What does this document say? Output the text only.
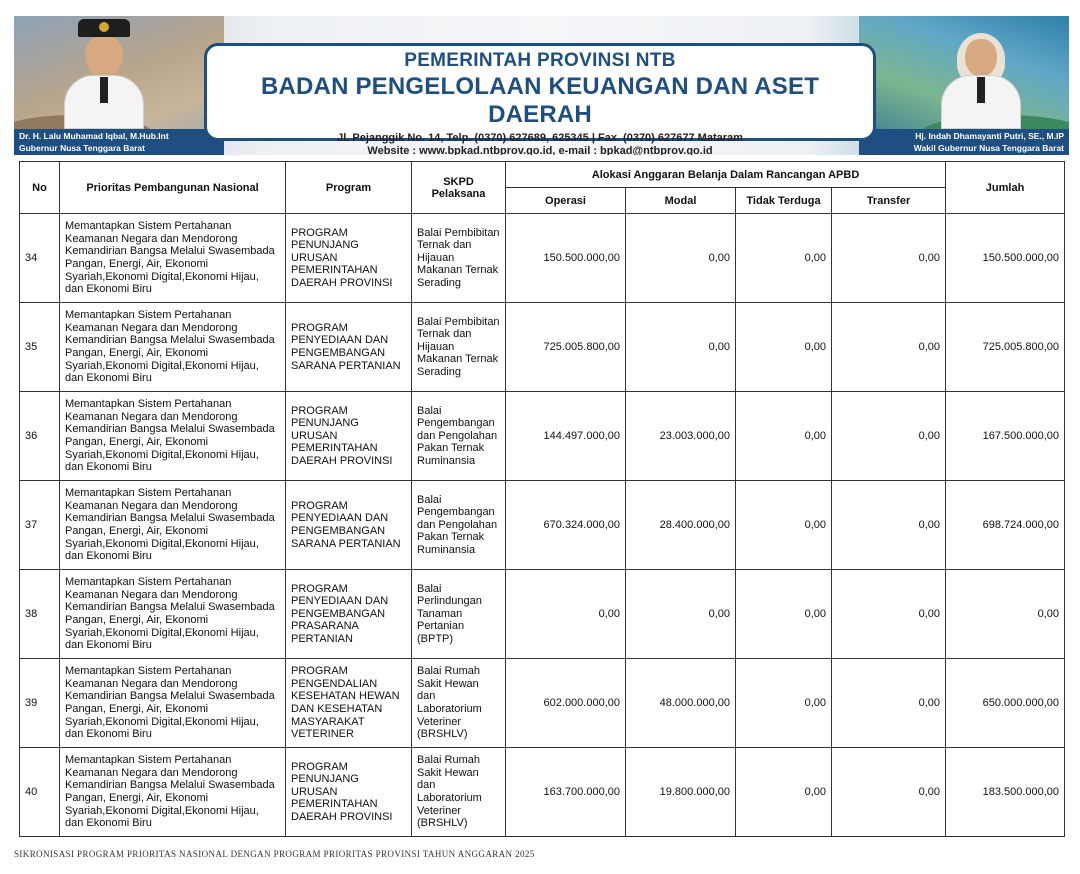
Dr. H. Lalu Muhamad Iqbal, M.Hub.Int
Gubernur Nusa Tenggara Barat
Hj. Indah Dhamayanti Putri, SE., M.IP
Wakil Gubernur Nusa Tenggara Barat
PEMERINTAH PROVINSI NTB
BADAN PENGELOLAAN KEUANGAN DAN ASET DAERAH
Jl. Pejanggik No. 14, Telp. (0370) 627689, 625345 | Fax. (0370) 627677 Mataram
Website : www.bpkad.ntbprov.go.id, e-mail : bpkad@ntbprov.go.id
No	Prioritas Pembangunan Nasional	Program	SKPD Pelaksana	Alokasi Anggaran Belanja Dalam Rancangan APBD				Jumlah
				Operasi	Modal	Tidak Terduga	Transfer	
34	Memantapkan Sistem Pertahanan Keamanan Negara dan Mendorong Kemandirian Bangsa Melalui Swasembada Pangan, Energi, Air, Ekonomi Syariah,Ekonomi Digital,Ekonomi Hijau, dan Ekonomi Biru	PROGRAM PENUNJANG URUSAN PEMERINTAHAN DAERAH PROVINSI	Balai Pembibitan Ternak dan Hijauan Makanan Ternak Serading	150.500.000,00	0,00	0,00	0,00	150.500.000,00
35	Memantapkan Sistem Pertahanan Keamanan Negara dan Mendorong Kemandirian Bangsa Melalui Swasembada Pangan, Energi, Air, Ekonomi Syariah,Ekonomi Digital,Ekonomi Hijau, dan Ekonomi Biru	PROGRAM PENYEDIAAN DAN PENGEMBANGAN SARANA PERTANIAN	Balai Pembibitan Ternak dan Hijauan Makanan Ternak Serading	725.005.800,00	0,00	0,00	0,00	725.005.800,00
36	Memantapkan Sistem Pertahanan Keamanan Negara dan Mendorong Kemandirian Bangsa Melalui Swasembada Pangan, Energi, Air, Ekonomi Syariah,Ekonomi Digital,Ekonomi Hijau, dan Ekonomi Biru	PROGRAM PENUNJANG URUSAN PEMERINTAHAN DAERAH PROVINSI	Balai Pengembangan dan Pengolahan Pakan Ternak Ruminansia	144.497.000,00	23.003.000,00	0,00	0,00	167.500.000,00
37	Memantapkan Sistem Pertahanan Keamanan Negara dan Mendorong Kemandirian Bangsa Melalui Swasembada Pangan, Energi, Air, Ekonomi Syariah,Ekonomi Digital,Ekonomi Hijau, dan Ekonomi Biru	PROGRAM PENYEDIAAN DAN PENGEMBANGAN SARANA PERTANIAN	Balai Pengembangan dan Pengolahan Pakan Ternak Ruminansia	670.324.000,00	28.400.000,00	0,00	0,00	698.724.000,00
38	Memantapkan Sistem Pertahanan Keamanan Negara dan Mendorong Kemandirian Bangsa Melalui Swasembada Pangan, Energi, Air, Ekonomi Syariah,Ekonomi Digital,Ekonomi Hijau, dan Ekonomi Biru	PROGRAM PENYEDIAAN DAN PENGEMBANGAN PRASARANA PERTANIAN	Balai Perlindungan Tanaman Pertanian (BPTP)	0,00	0,00	0,00	0,00	0,00
39	Memantapkan Sistem Pertahanan Keamanan Negara dan Mendorong Kemandirian Bangsa Melalui Swasembada Pangan, Energi, Air, Ekonomi Syariah,Ekonomi Digital,Ekonomi Hijau, dan Ekonomi Biru	PROGRAM PENGENDALIAN KESEHATAN HEWAN DAN KESEHATAN MASYARAKAT VETERINER	Balai Rumah Sakit Hewan dan Laboratorium Veteriner (BRSHLV)	602.000.000,00	48.000.000,00	0,00	0,00	650.000.000,00
40	Memantapkan Sistem Pertahanan Keamanan Negara dan Mendorong Kemandirian Bangsa Melalui Swasembada Pangan, Energi, Air, Ekonomi Syariah,Ekonomi Digital,Ekonomi Hijau, dan Ekonomi Biru	PROGRAM PENUNJANG URUSAN PEMERINTAHAN DAERAH PROVINSI	Balai Rumah Sakit Hewan dan Laboratorium Veteriner (BRSHLV)	163.700.000,00	19.800.000,00	0,00	0,00	183.500.000,00
SIKRONISASI PROGRAM PRIORITAS NASIONAL DENGAN PROGRAM PRIORITAS PROVINSI TAHUN ANGGARAN 2025
